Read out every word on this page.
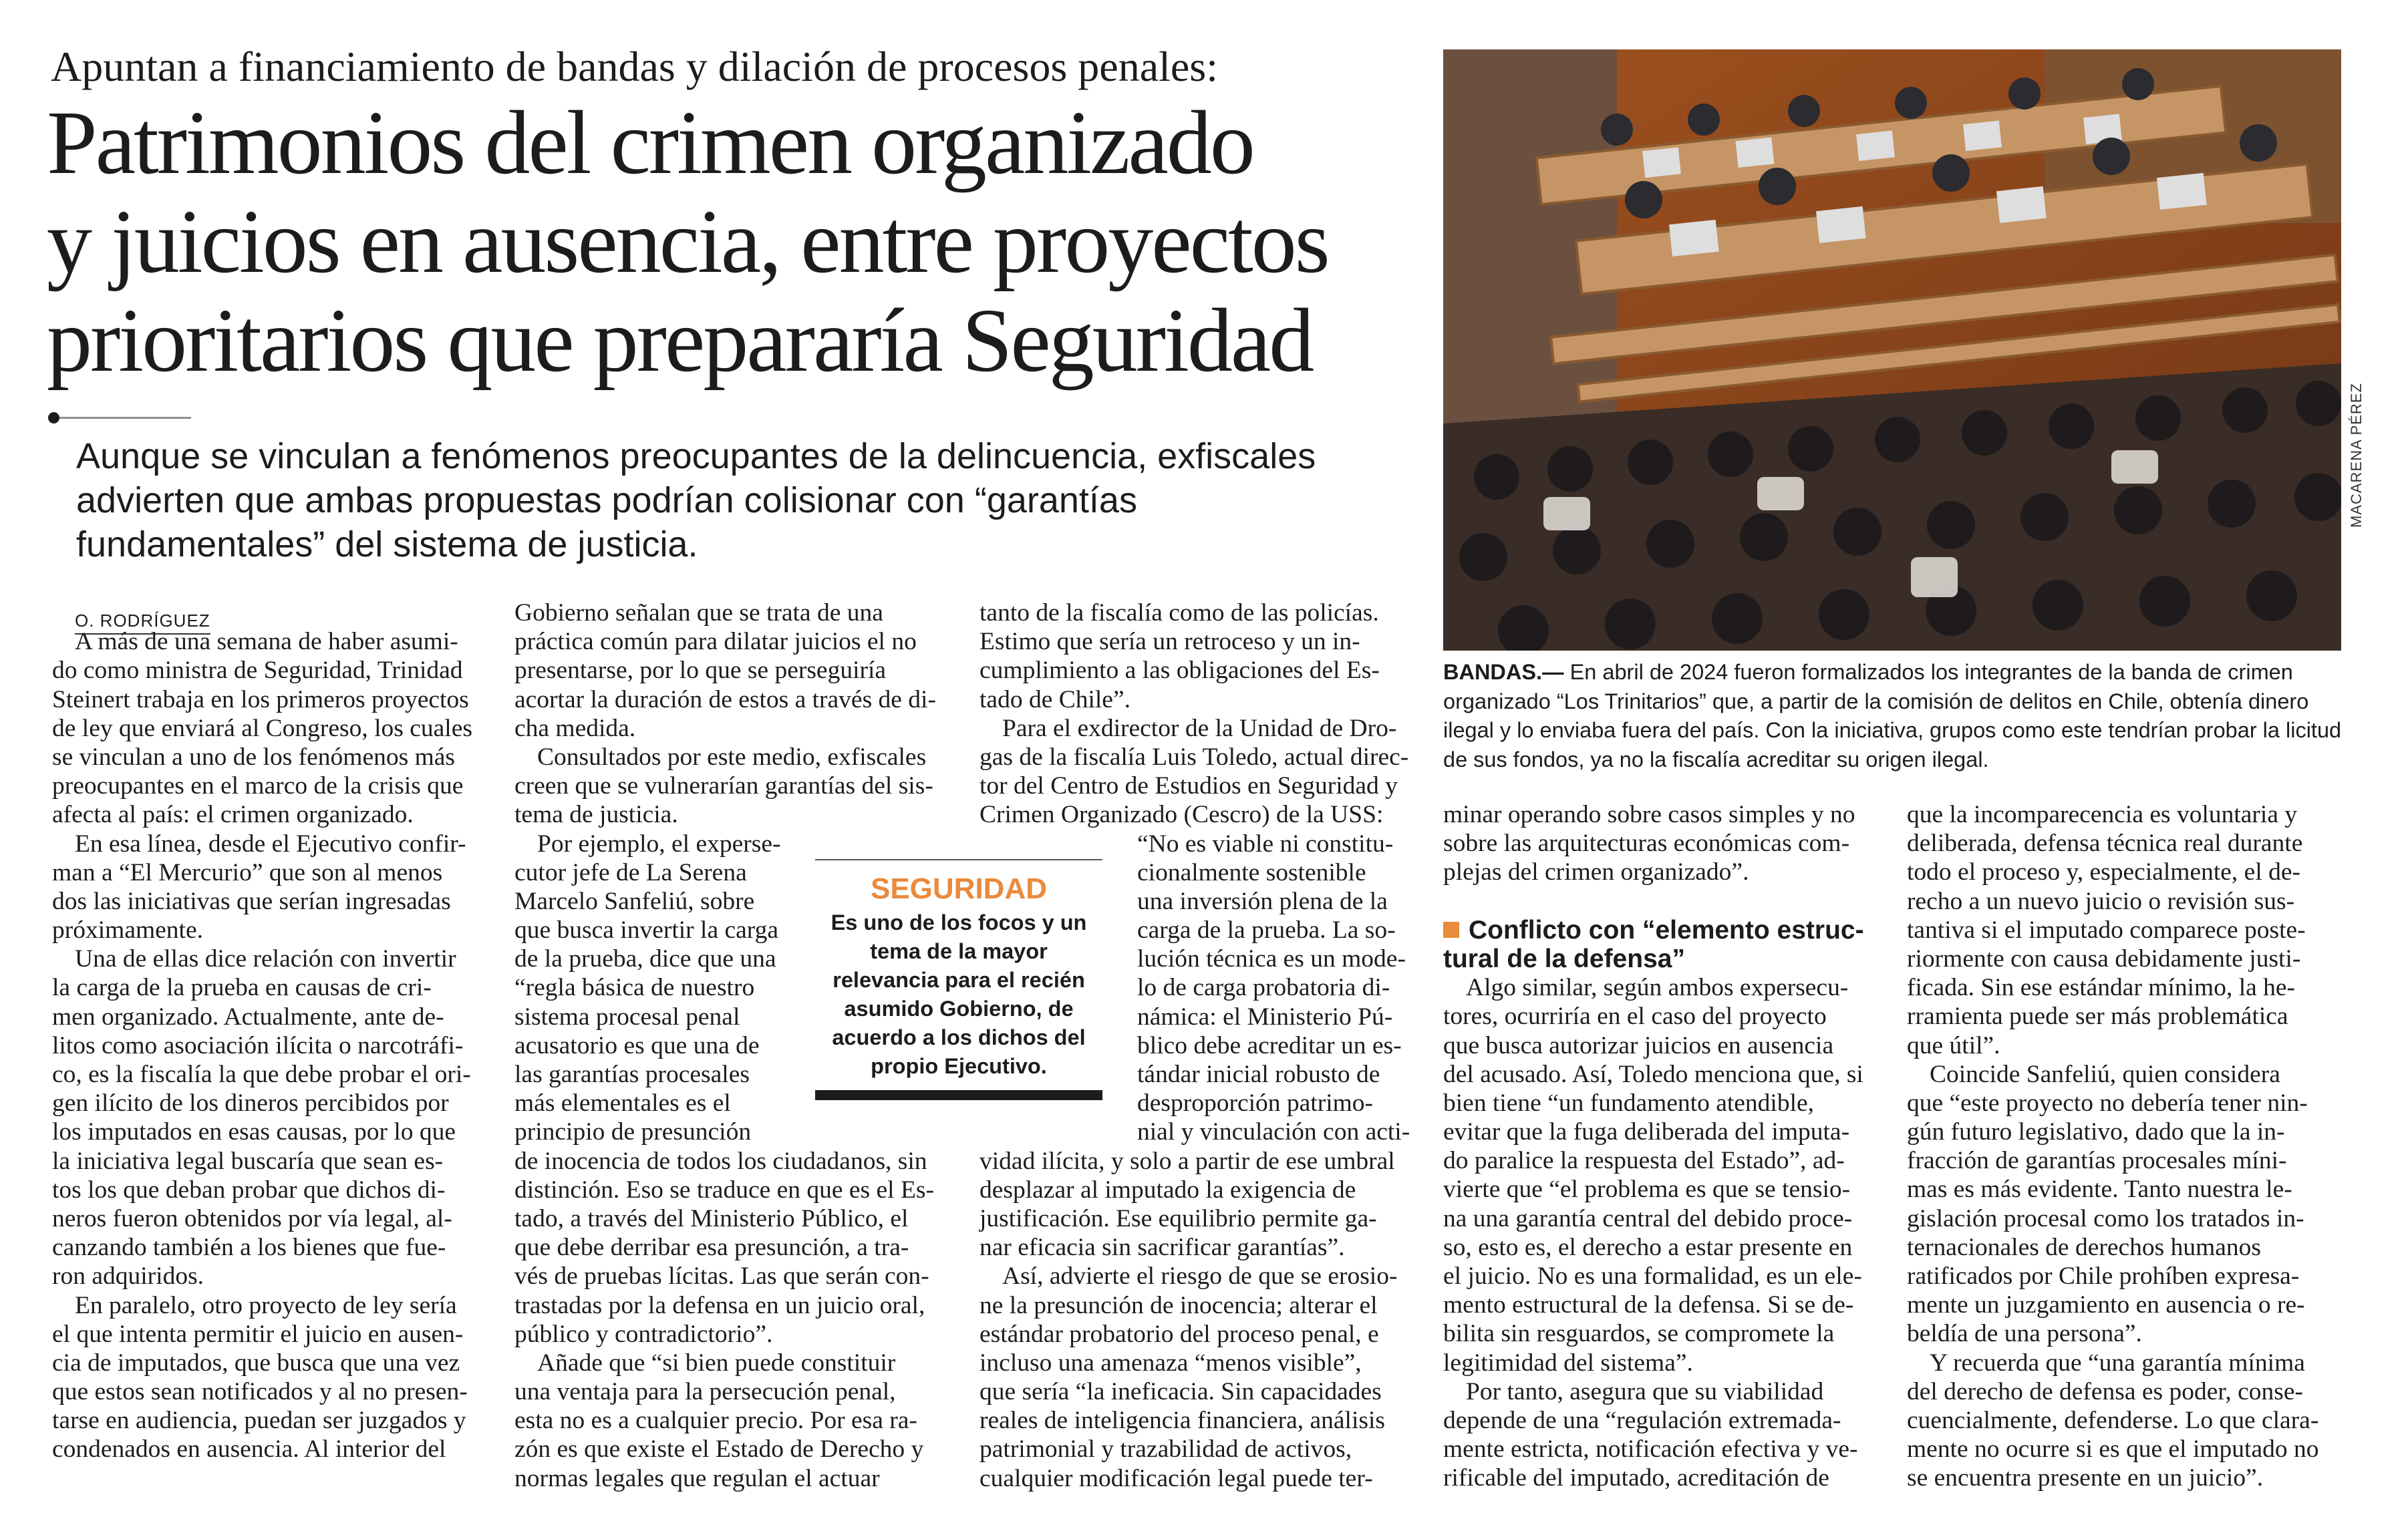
Apuntan a financiamiento de bandas y dilación de procesos penales:
Patrimonios del crimen organizado
y juicios en ausencia, entre proyectos
prioritarios que prepararía Seguridad
Aunque se vinculan a fenómenos preocupantes de la delincuencia, exfiscales
advierten que ambas propuestas podrían colisionar con “garantías
fundamentales” del sistema de justicia.
O. RODRÍGUEZ
A más de una semana de haber asumi-
do como ministra de Seguridad, Trinidad
Steinert trabaja en los primeros proyectos
de ley que enviará al Congreso, los cuales
se vinculan a uno de los fenómenos más
preocupantes en el marco de la crisis que
afecta al país: el crimen organizado.
En esa línea, desde el Ejecutivo confir-
man a “El Mercurio” que son al menos
dos las iniciativas que serían ingresadas
próximamente.
Una de ellas dice relación con invertir
la carga de la prueba en causas de cri-
men organizado. Actualmente, ante de-
litos como asociación ilícita o narcotráfi-
co, es la fiscalía la que debe probar el ori-
gen ilícito de los dineros percibidos por
los imputados en esas causas, por lo que
la iniciativa legal buscaría que sean es-
tos los que deban probar que dichos di-
neros fueron obtenidos por vía legal, al-
canzando también a los bienes que fue-
ron adquiridos.
En paralelo, otro proyecto de ley sería
el que intenta permitir el juicio en ausen-
cia de imputados, que busca que una vez
que estos sean notificados y al no presen-
tarse en audiencia, puedan ser juzgados y
condenados en ausencia. Al interior del
Gobierno señalan que se trata de una
práctica común para dilatar juicios el no
presentarse, por lo que se perseguiría
acortar la duración de estos a través de di-
cha medida.
Consultados por este medio, exfiscales
creen que se vulnerarían garantías del sis-
tema de justicia.
Por ejemplo, el experse-
cutor jefe de La Serena
Marcelo Sanfeliú, sobre
que busca invertir la carga
de la prueba, dice que una
“regla básica de nuestro
sistema procesal penal
acusatorio es que una de
las garantías procesales
más elementales es el
principio de presunción
de inocencia de todos los ciudadanos, sin
distinción. Eso se traduce en que es el Es-
tado, a través del Ministerio Público, el
que debe derribar esa presunción, a tra-
vés de pruebas lícitas. Las que serán con-
trastadas por la defensa en un juicio oral,
público y contradictorio”.
Añade que “si bien puede constituir
una ventaja para la persecución penal,
esta no es a cualquier precio. Por esa ra-
zón es que existe el Estado de Derecho y
normas legales que regulan el actuar
tanto de la fiscalía como de las policías.
Estimo que sería un retroceso y un in-
cumplimiento a las obligaciones del Es-
tado de Chile”.
Para el exdirector de la Unidad de Dro-
gas de la fiscalía Luis Toledo, actual direc-
tor del Centro de Estudios en Seguridad y
Crimen Organizado (Cescro) de la USS:
“No es viable ni constitu-
cionalmente sostenible
una inversión plena de la
carga de la prueba. La so-
lución técnica es un mode-
lo de carga probatoria di-
námica: el Ministerio Pú-
blico debe acreditar un es-
tándar inicial robusto de
desproporción patrimo-
nial y vinculación con acti-
vidad ilícita, y solo a partir de ese umbral
desplazar al imputado la exigencia de
justificación. Ese equilibrio permite ga-
nar eficacia sin sacrificar garantías”.
Así, advierte el riesgo de que se erosio-
ne la presunción de inocencia; alterar el
estándar probatorio del proceso penal, e
incluso una amenaza “menos visible”,
que sería “la ineficacia. Sin capacidades
reales de inteligencia financiera, análisis
patrimonial y trazabilidad de activos,
cualquier modificación legal puede ter-
minar operando sobre casos simples y no
sobre las arquitecturas económicas com-
plejas del crimen organizado”.
Conflicto con “elemento estruc-
tural de la defensa”
Algo similar, según ambos expersecu-
tores, ocurriría en el caso del proyecto
que busca autorizar juicios en ausencia
del acusado. Así, Toledo menciona que, si
bien tiene “un fundamento atendible,
evitar que la fuga deliberada del imputa-
do paralice la respuesta del Estado”, ad-
vierte que “el problema es que se tensio-
na una garantía central del debido proce-
so, esto es, el derecho a estar presente en
el juicio. No es una formalidad, es un ele-
mento estructural de la defensa. Si se de-
bilita sin resguardos, se compromete la
legitimidad del sistema”.
Por tanto, asegura que su viabilidad
depende de una “regulación extremada-
mente estricta, notificación efectiva y ve-
rificable del imputado, acreditación de
que la incomparecencia es voluntaria y
deliberada, defensa técnica real durante
todo el proceso y, especialmente, el de-
recho a un nuevo juicio o revisión sus-
tantiva si el imputado comparece poste-
riormente con causa debidamente justi-
ficada. Sin ese estándar mínimo, la he-
rramienta puede ser más problemática
que útil”.
Coincide Sanfeliú, quien considera
que “este proyecto no debería tener nin-
gún futuro legislativo, dado que la in-
fracción de garantías procesales míni-
mas es más evidente. Tanto nuestra le-
gislación procesal como los tratados in-
ternacionales de derechos humanos
ratificados por Chile prohíben expresa-
mente un juzgamiento en ausencia o re-
beldía de una persona”.
Y recuerda que “una garantía mínima
del derecho de defensa es poder, conse-
cuencialmente, defenderse. Lo que clara-
mente no ocurre si es que el imputado no
se encuentra presente en un juicio”.
SEGURIDAD
Es uno de los focos y un
tema de la mayor
relevancia para el recién
asumido Gobierno, de
acuerdo a los dichos del
propio Ejecutivo.
MACARENA PÉREZ
BANDAS.— En abril de 2024 fueron formalizados los integrantes de la banda de crimen
organizado “Los Trinitarios” que, a partir de la comisión de delitos en Chile, obtenía dinero
ilegal y lo enviaba fuera del país. Con la iniciativa, grupos como este tendrían probar la licitud
de sus fondos, ya no la fiscalía acreditar su origen ilegal.
